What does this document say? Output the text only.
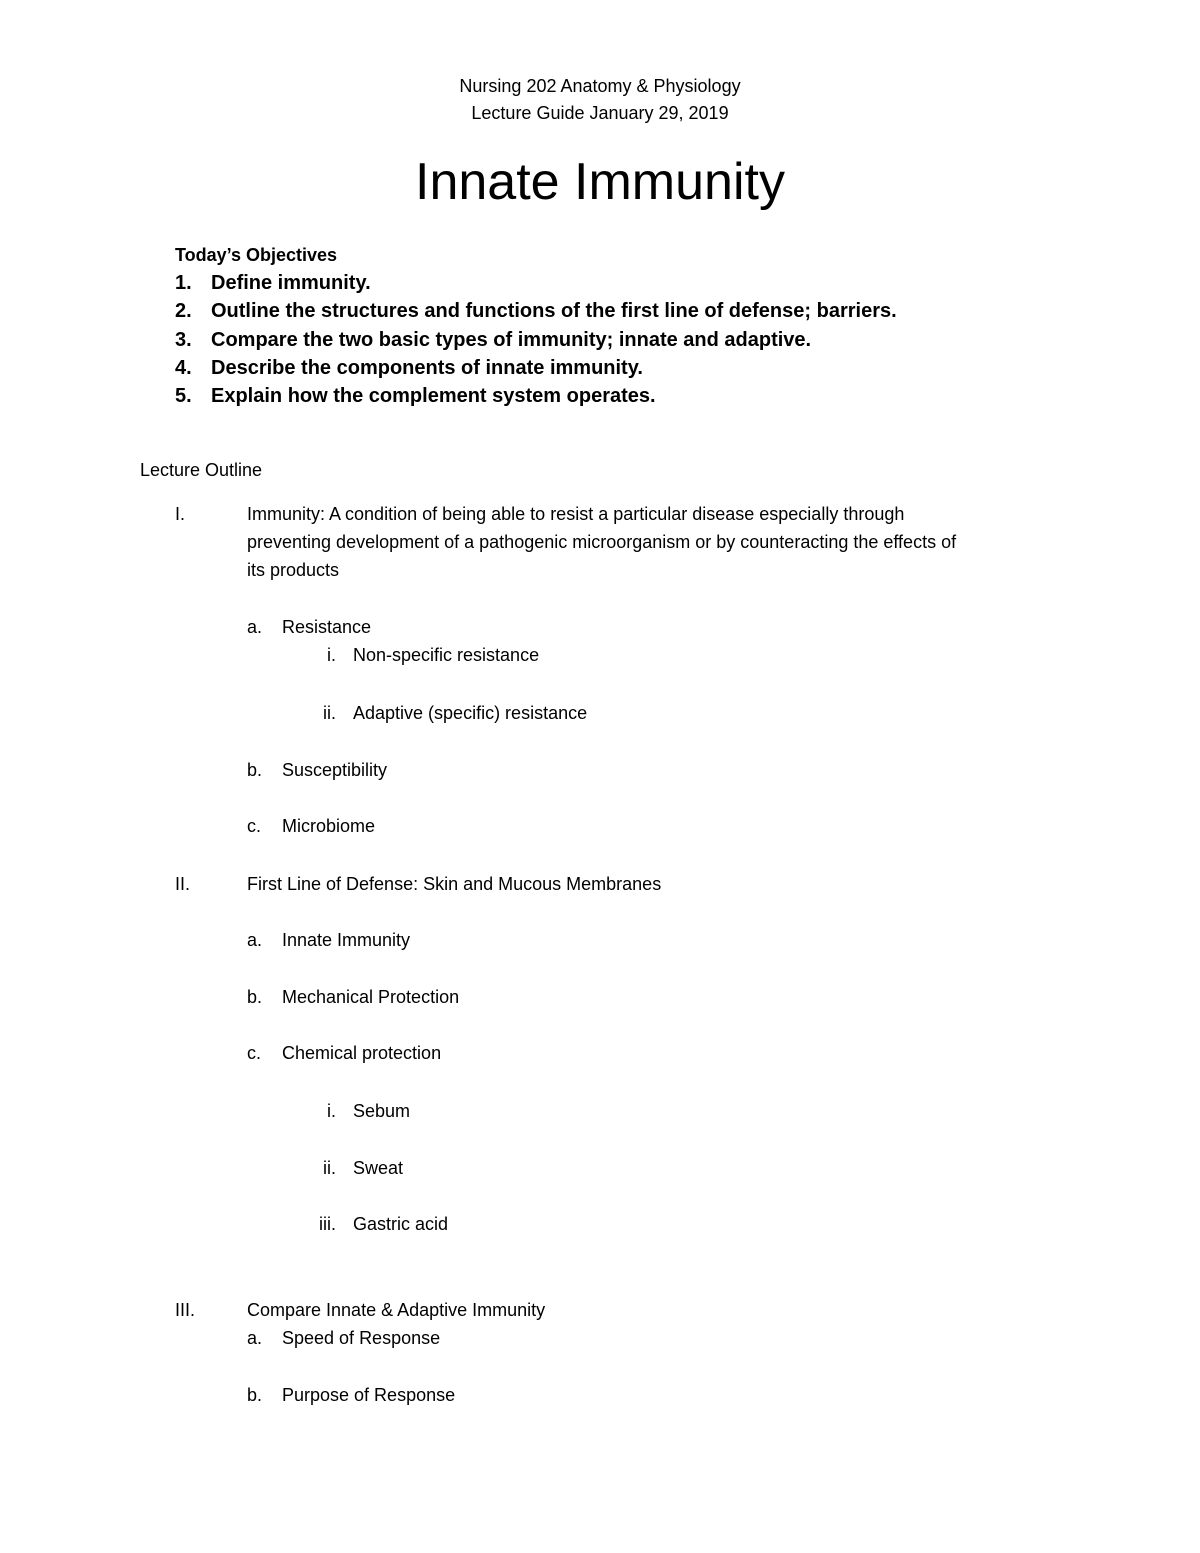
Nursing 202 Anatomy & Physiology
Lecture Guide January 29, 2019
Innate Immunity
Today’s Objectives
1. Define immunity.
2. Outline the structures and functions of the first line of defense; barriers.
3. Compare the two basic types of immunity; innate and adaptive.
4. Describe the components of innate immunity.
5. Explain how the complement system operates.
Lecture Outline
I.	Immunity: A condition of being able to resist a particular disease especially through
preventing development of a pathogenic microorganism or by counteracting the effects of
its products
a. Resistance
i. Non-specific resistance
ii. Adaptive (specific) resistance
b. Susceptibility
c. Microbiome
II.	First Line of Defense: Skin and Mucous Membranes
a. Innate Immunity
b. Mechanical Protection
c. Chemical protection
i. Sebum
ii. Sweat
iii. Gastric acid
III.	Compare Innate & Adaptive Immunity
a. Speed of Response
b. Purpose of Response
